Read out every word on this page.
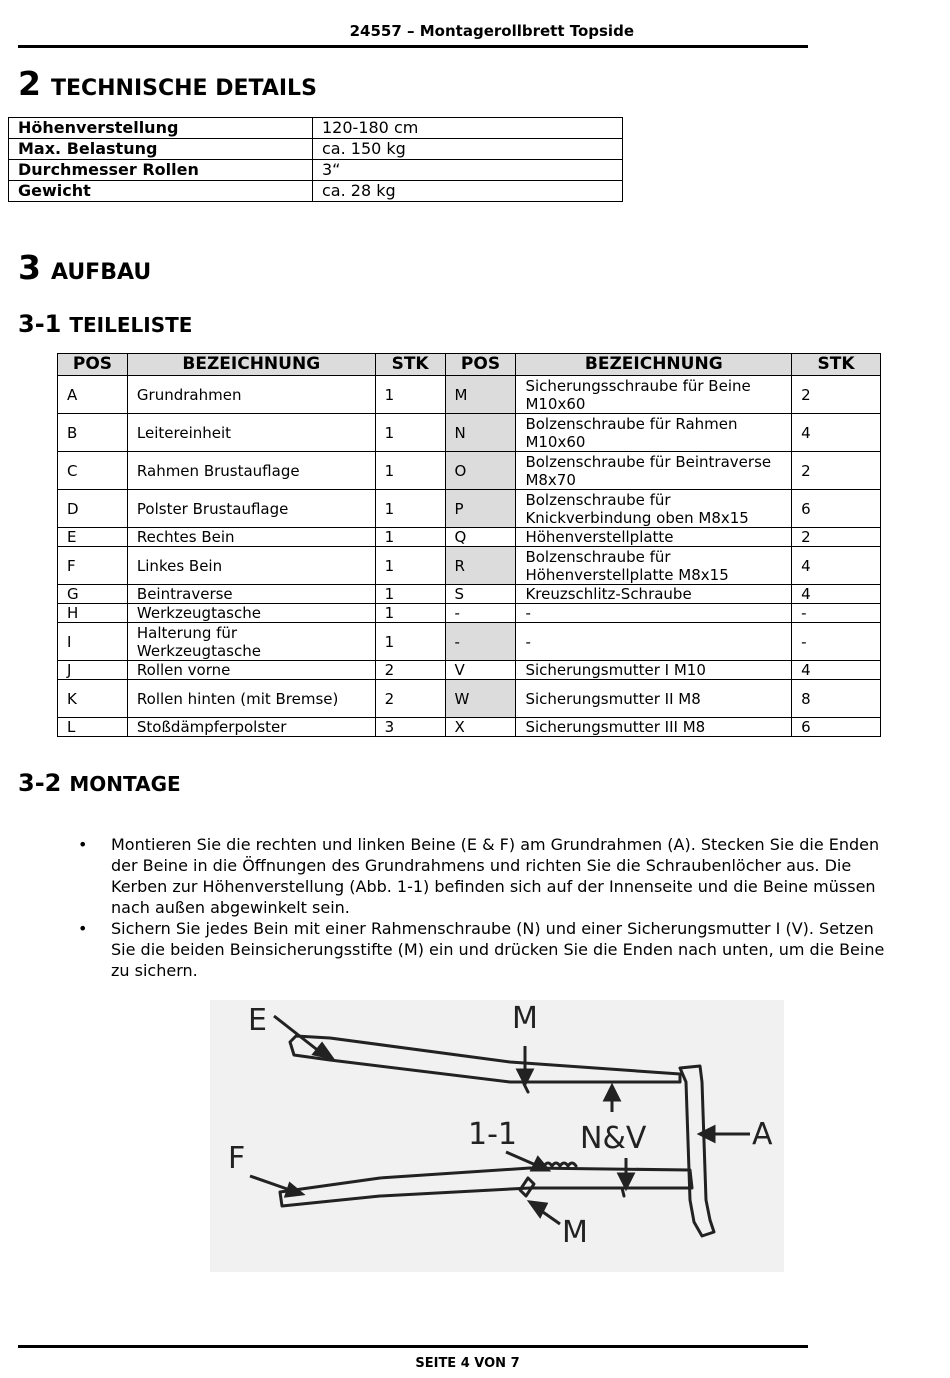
24557 – Montagerollbrett Topside
2 TECHNISCHE DETAILS
Höhenverstellung	120-180 cm
Max. Belastung	ca. 150 kg
Durchmesser Rollen	3“
Gewicht	ca. 28 kg
3 AUFBAU
3-1 TEILELISTE
POS	BEZEICHNUNG	STK	POS	BEZEICHNUNG	STK
A	Grundrahmen	1	M	Sicherungsschraube für Beine M10x60	2
B	Leitereinheit	1	N	Bolzenschraube für Rahmen M10x60	4
C	Rahmen Brustauflage	1	O	Bolzenschraube für Beintraverse M8x70	2
D	Polster Brustauflage	1	P	Bolzenschraube für Knickverbindung oben M8x15	6
E	Rechtes Bein	1	Q	Höhenverstellplatte	2
F	Linkes Bein	1	R	Bolzenschraube für Höhenverstellplatte M8x15	4
G	Beintraverse	1	S	Kreuzschlitz-Schraube	4
H	Werkzeugtasche	1	-	-	-
I	Halterung für Werkzeugtasche	1	-	-	-
J	Rollen vorne	2	V	Sicherungsmutter I M10	4
K	Rollen hinten (mit Bremse)	2	W	Sicherungsmutter II M8	8
L	Stoßdämpferpolster	3	X	Sicherungsmutter III M8	6
3-2 MONTAGE
• Montieren Sie die rechten und linken Beine (E & F) am Grundrahmen (A). Stecken Sie die Enden der Beine in die Öffnungen des Grundrahmens und richten Sie die Schraubenlöcher aus. Die Kerben zur Höhenverstellung (Abb. 1-1) befinden sich auf der Innenseite und die Beine müssen nach außen abgewinkelt sein.
• Sichern Sie jedes Bein mit einer Rahmenschraube (N) und einer Sicherungsmutter I (V). Setzen Sie die beiden Beinsicherungsstifte (M) ein und drücken Sie die Enden nach unten, um die Beine zu sichern.
E	M
1-1 N&V	A
F
M
SEITE 4 VON 7
